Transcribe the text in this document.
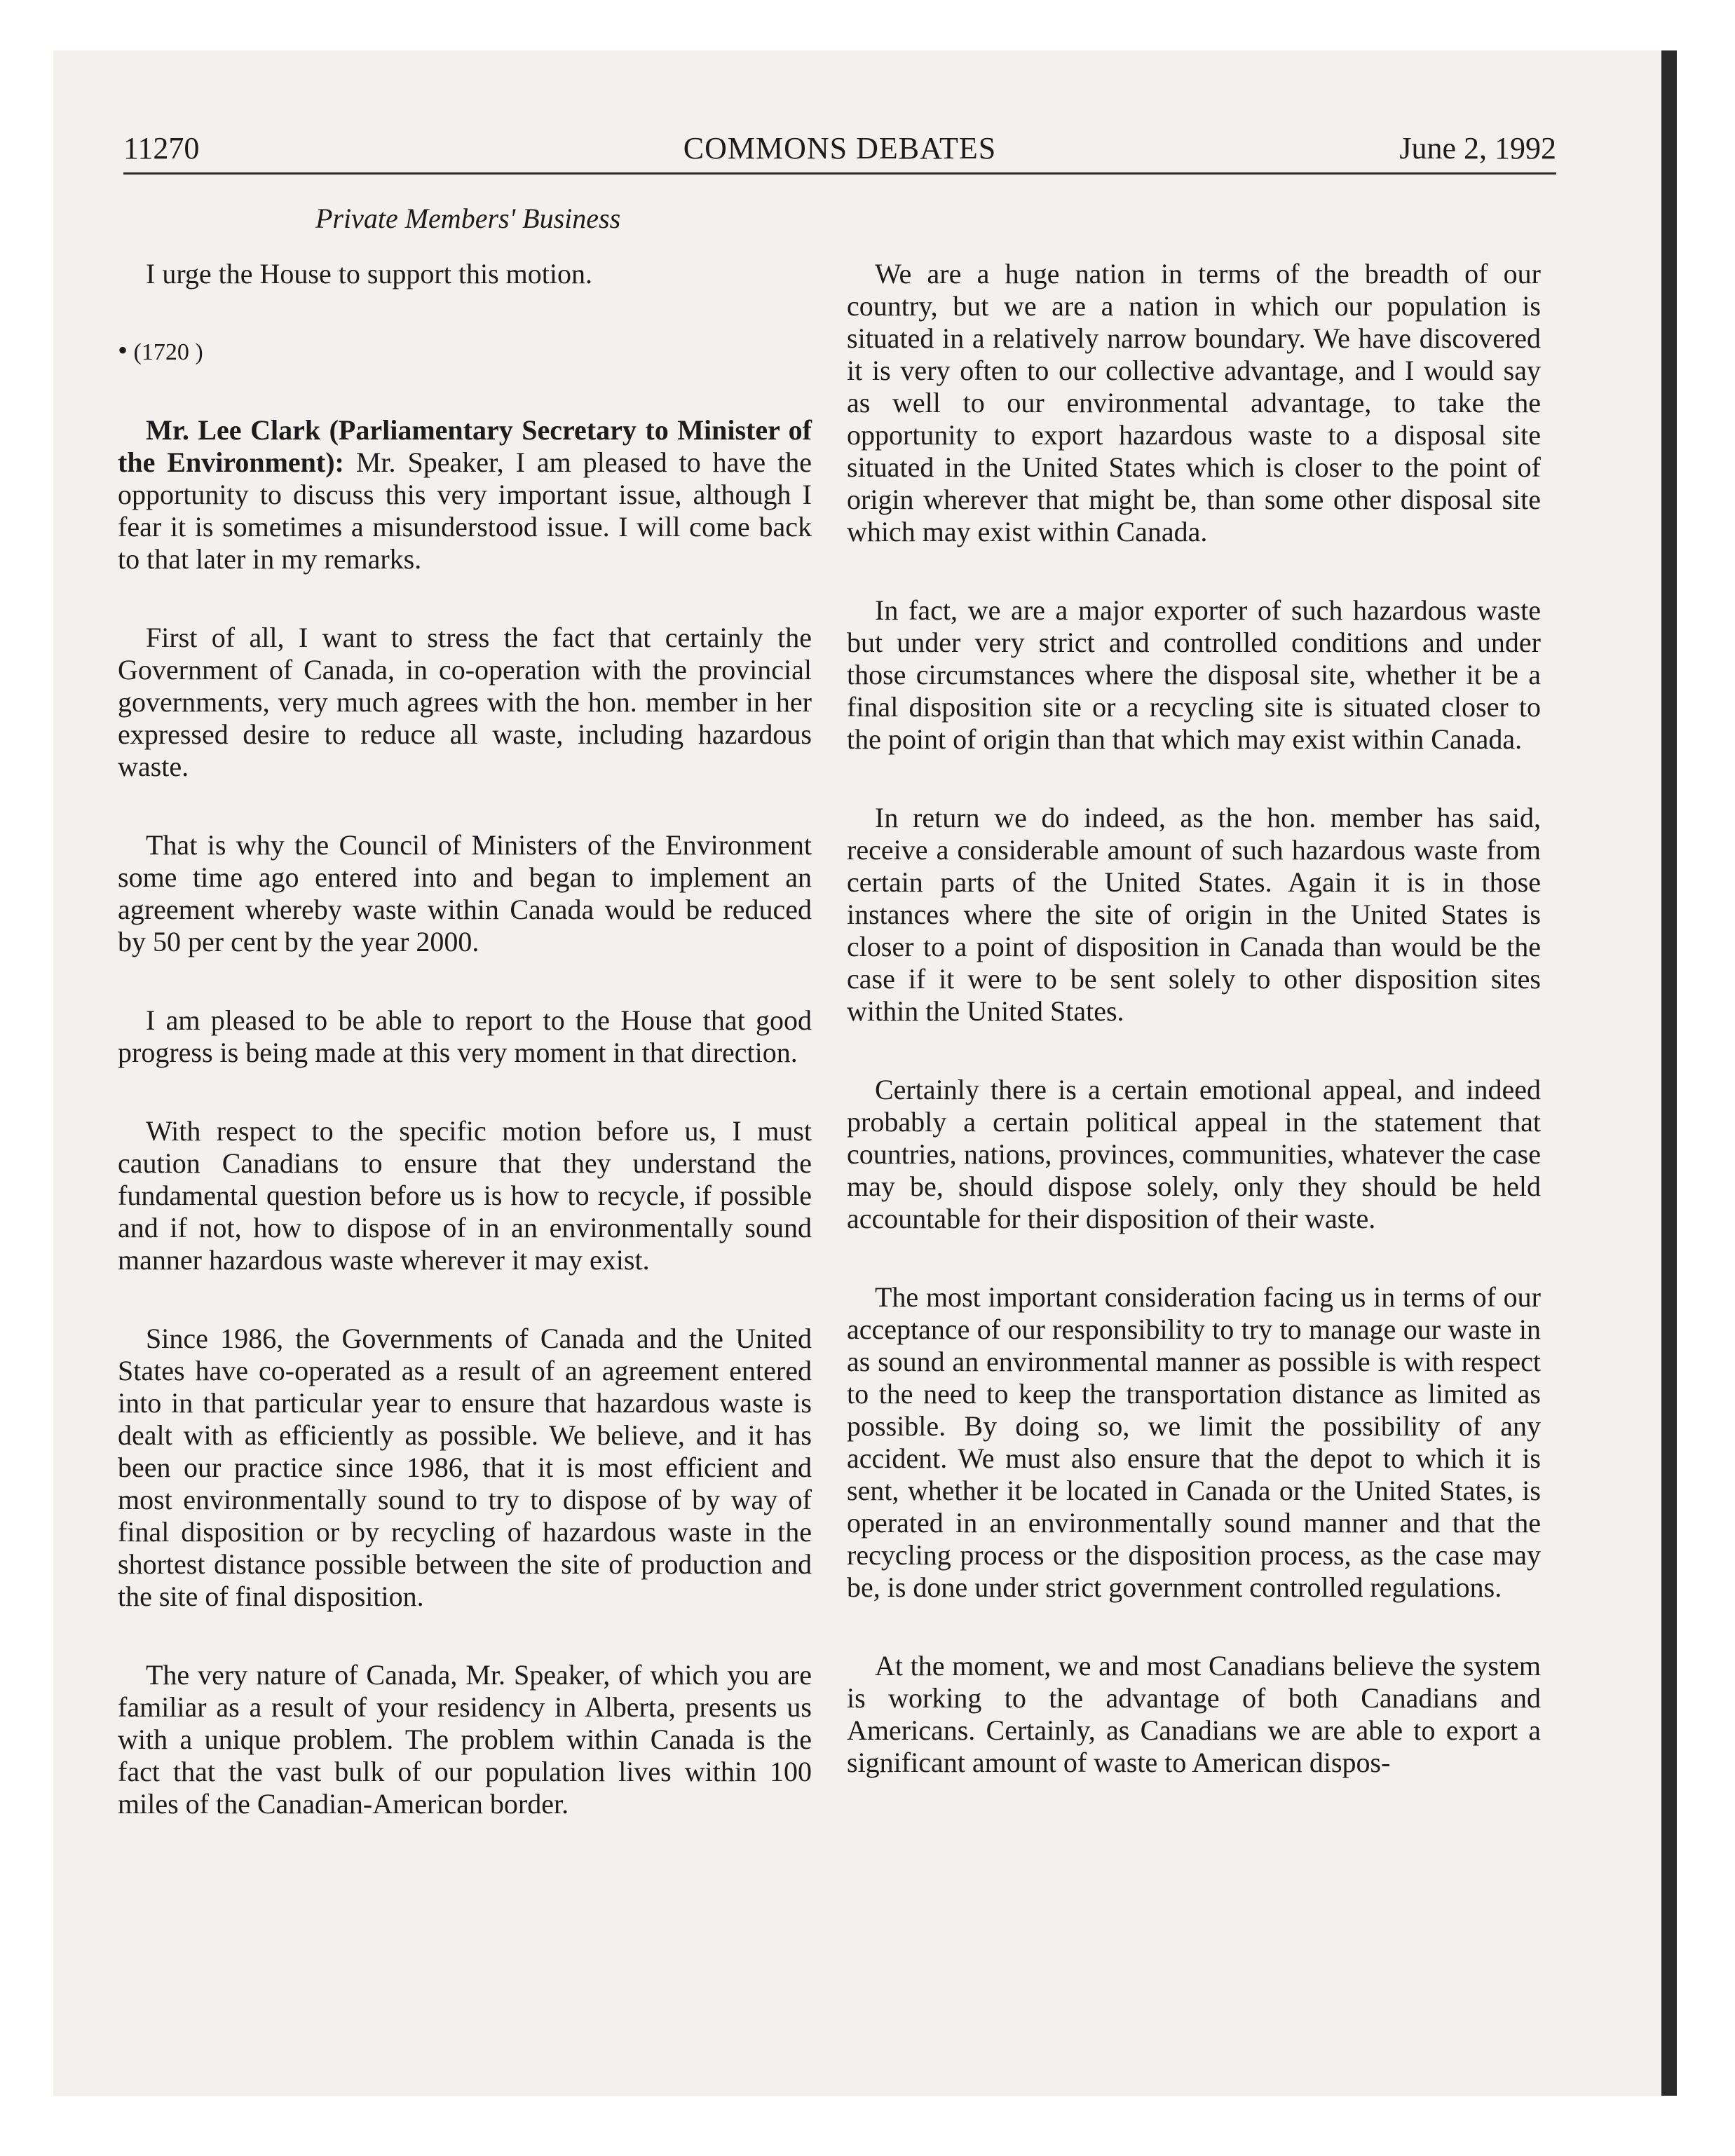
11270	COMMONS DEBATES	June 2, 1992
Private Members' Business

I urge the House to support this motion.

• (1720 )

Mr. Lee Clark (Parliamentary Secretary to Minister of the Environment): Mr. Speaker, I am pleased to have the opportunity to discuss this very important issue, although I fear it is sometimes a misunderstood issue. I will come back to that later in my remarks.

First of all, I want to stress the fact that certainly the Government of Canada, in co-operation with the provincial governments, very much agrees with the hon. member in her expressed desire to reduce all waste, including hazardous waste.

That is why the Council of Ministers of the Environment some time ago entered into and began to implement an agreement whereby waste within Canada would be reduced by 50 per cent by the year 2000.

I am pleased to be able to report to the House that good progress is being made at this very moment in that direction.

With respect to the specific motion before us, I must caution Canadians to ensure that they understand the fundamental question before us is how to recycle, if possible and if not, how to dispose of in an environmentally sound manner hazardous waste wherever it may exist.

Since 1986, the Governments of Canada and the United States have co-operated as a result of an agreement entered into in that particular year to ensure that hazardous waste is dealt with as efficiently as possible. We believe, and it has been our practice since 1986, that it is most efficient and most environmentally sound to try to dispose of by way of final disposition or by recycling of hazardous waste in the shortest distance possible between the site of production and the site of final disposition.

The very nature of Canada, Mr. Speaker, of which you are familiar as a result of your residency in Alberta, presents us with a unique problem. The problem within Canada is the fact that the vast bulk of our population lives within 100 miles of the Canadian-American border.

We are a huge nation in terms of the breadth of our country, but we are a nation in which our population is situated in a relatively narrow boundary. We have discovered it is very often to our collective advantage, and I would say as well to our environmental advantage, to take the opportunity to export hazardous waste to a disposal site situated in the United States which is closer to the point of origin wherever that might be, than some other disposal site which may exist within Canada.

In fact, we are a major exporter of such hazardous waste but under very strict and controlled conditions and under those circumstances where the disposal site, whether it be a final disposition site or a recycling site is situated closer to the point of origin than that which may exist within Canada.

In return we do indeed, as the hon. member has said, receive a considerable amount of such hazardous waste from certain parts of the United States. Again it is in those instances where the site of origin in the United States is closer to a point of disposition in Canada than would be the case if it were to be sent solely to other disposition sites within the United States.

Certainly there is a certain emotional appeal, and indeed probably a certain political appeal in the statement that countries, nations, provinces, communities, whatever the case may be, should dispose solely, only they should be held accountable for their disposition of their waste.

The most important consideration facing us in terms of our acceptance of our responsibility to try to manage our waste in as sound an environmental manner as possible is with respect to the need to keep the transportation distance as limited as possible. By doing so, we limit the possibility of any accident. We must also ensure that the depot to which it is sent, whether it be located in Canada or the United States, is operated in an environmentally sound manner and that the recycling process or the disposition process, as the case may be, is done under strict government controlled regulations.

At the moment, we and most Canadians believe the system is working to the advantage of both Canadians and Americans. Certainly, as Canadians we are able to export a significant amount of waste to American dispos-
